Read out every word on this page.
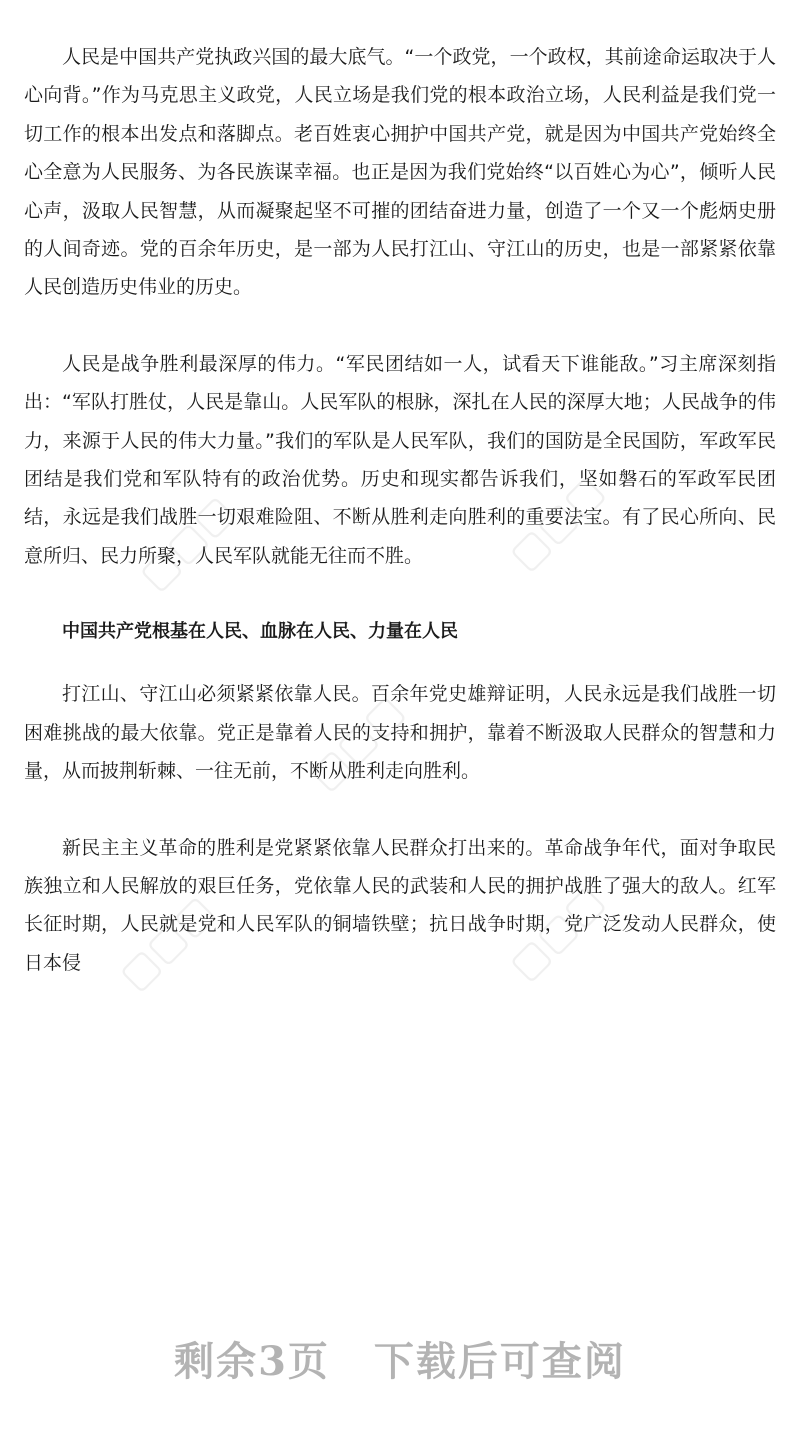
▢▢▢	▢▢▢
▢▢▢
▢▢▢	▢▢▢

人民是中国共产党执政兴国的最大底气。“一个政党，一个政权，其前途命运取决于人心向背。”作为马克思主义政党，人民立场是我们党的根本政治立场，人民利益是我们党一切工作的根本出发点和落脚点。老百姓衷心拥护中国共产党，就是因为中国共产党始终全心全意为人民服务、为各民族谋幸福。也正是因为我们党始终“以百姓心为心”，倾听人民心声，汲取人民智慧，从而凝聚起坚不可摧的团结奋进力量，创造了一个又一个彪炳史册的人间奇迹。党的百余年历史，是一部为人民打江山、守江山的历史，也是一部紧紧依靠人民创造历史伟业的历史。

人民是战争胜利最深厚的伟力。“军民团结如一人，试看天下谁能敌。”习主席深刻指出：“军队打胜仗，人民是靠山。人民军队的根脉，深扎在人民的深厚大地；人民战争的伟力，来源于人民的伟大力量。”我们的军队是人民军队，我们的国防是全民国防，军政军民团结是我们党和军队特有的政治优势。历史和现实都告诉我们，坚如磐石的军政军民团结，永远是我们战胜一切艰难险阻、不断从胜利走向胜利的重要法宝。有了民心所向、民意所归、民力所聚，人民军队就能无往而不胜。

中国共产党根基在人民、血脉在人民、力量在人民

打江山、守江山必须紧紧依靠人民。百余年党史雄辩证明，人民永远是我们战胜一切困难挑战的最大依靠。党正是靠着人民的支持和拥护，靠着不断汲取人民群众的智慧和力量，从而披荆斩棘、一往无前，不断从胜利走向胜利。

新民主主义革命的胜利是党紧紧依靠人民群众打出来的。革命战争年代，面对争取民族独立和人民解放的艰巨任务，党依靠人民的武装和人民的拥护战胜了强大的敌人。红军长征时期，人民就是党和人民军队的铜墙铁壁；抗日战争时期，党广泛发动人民群众，使日本侵

剩余3页 下载后可查阅
